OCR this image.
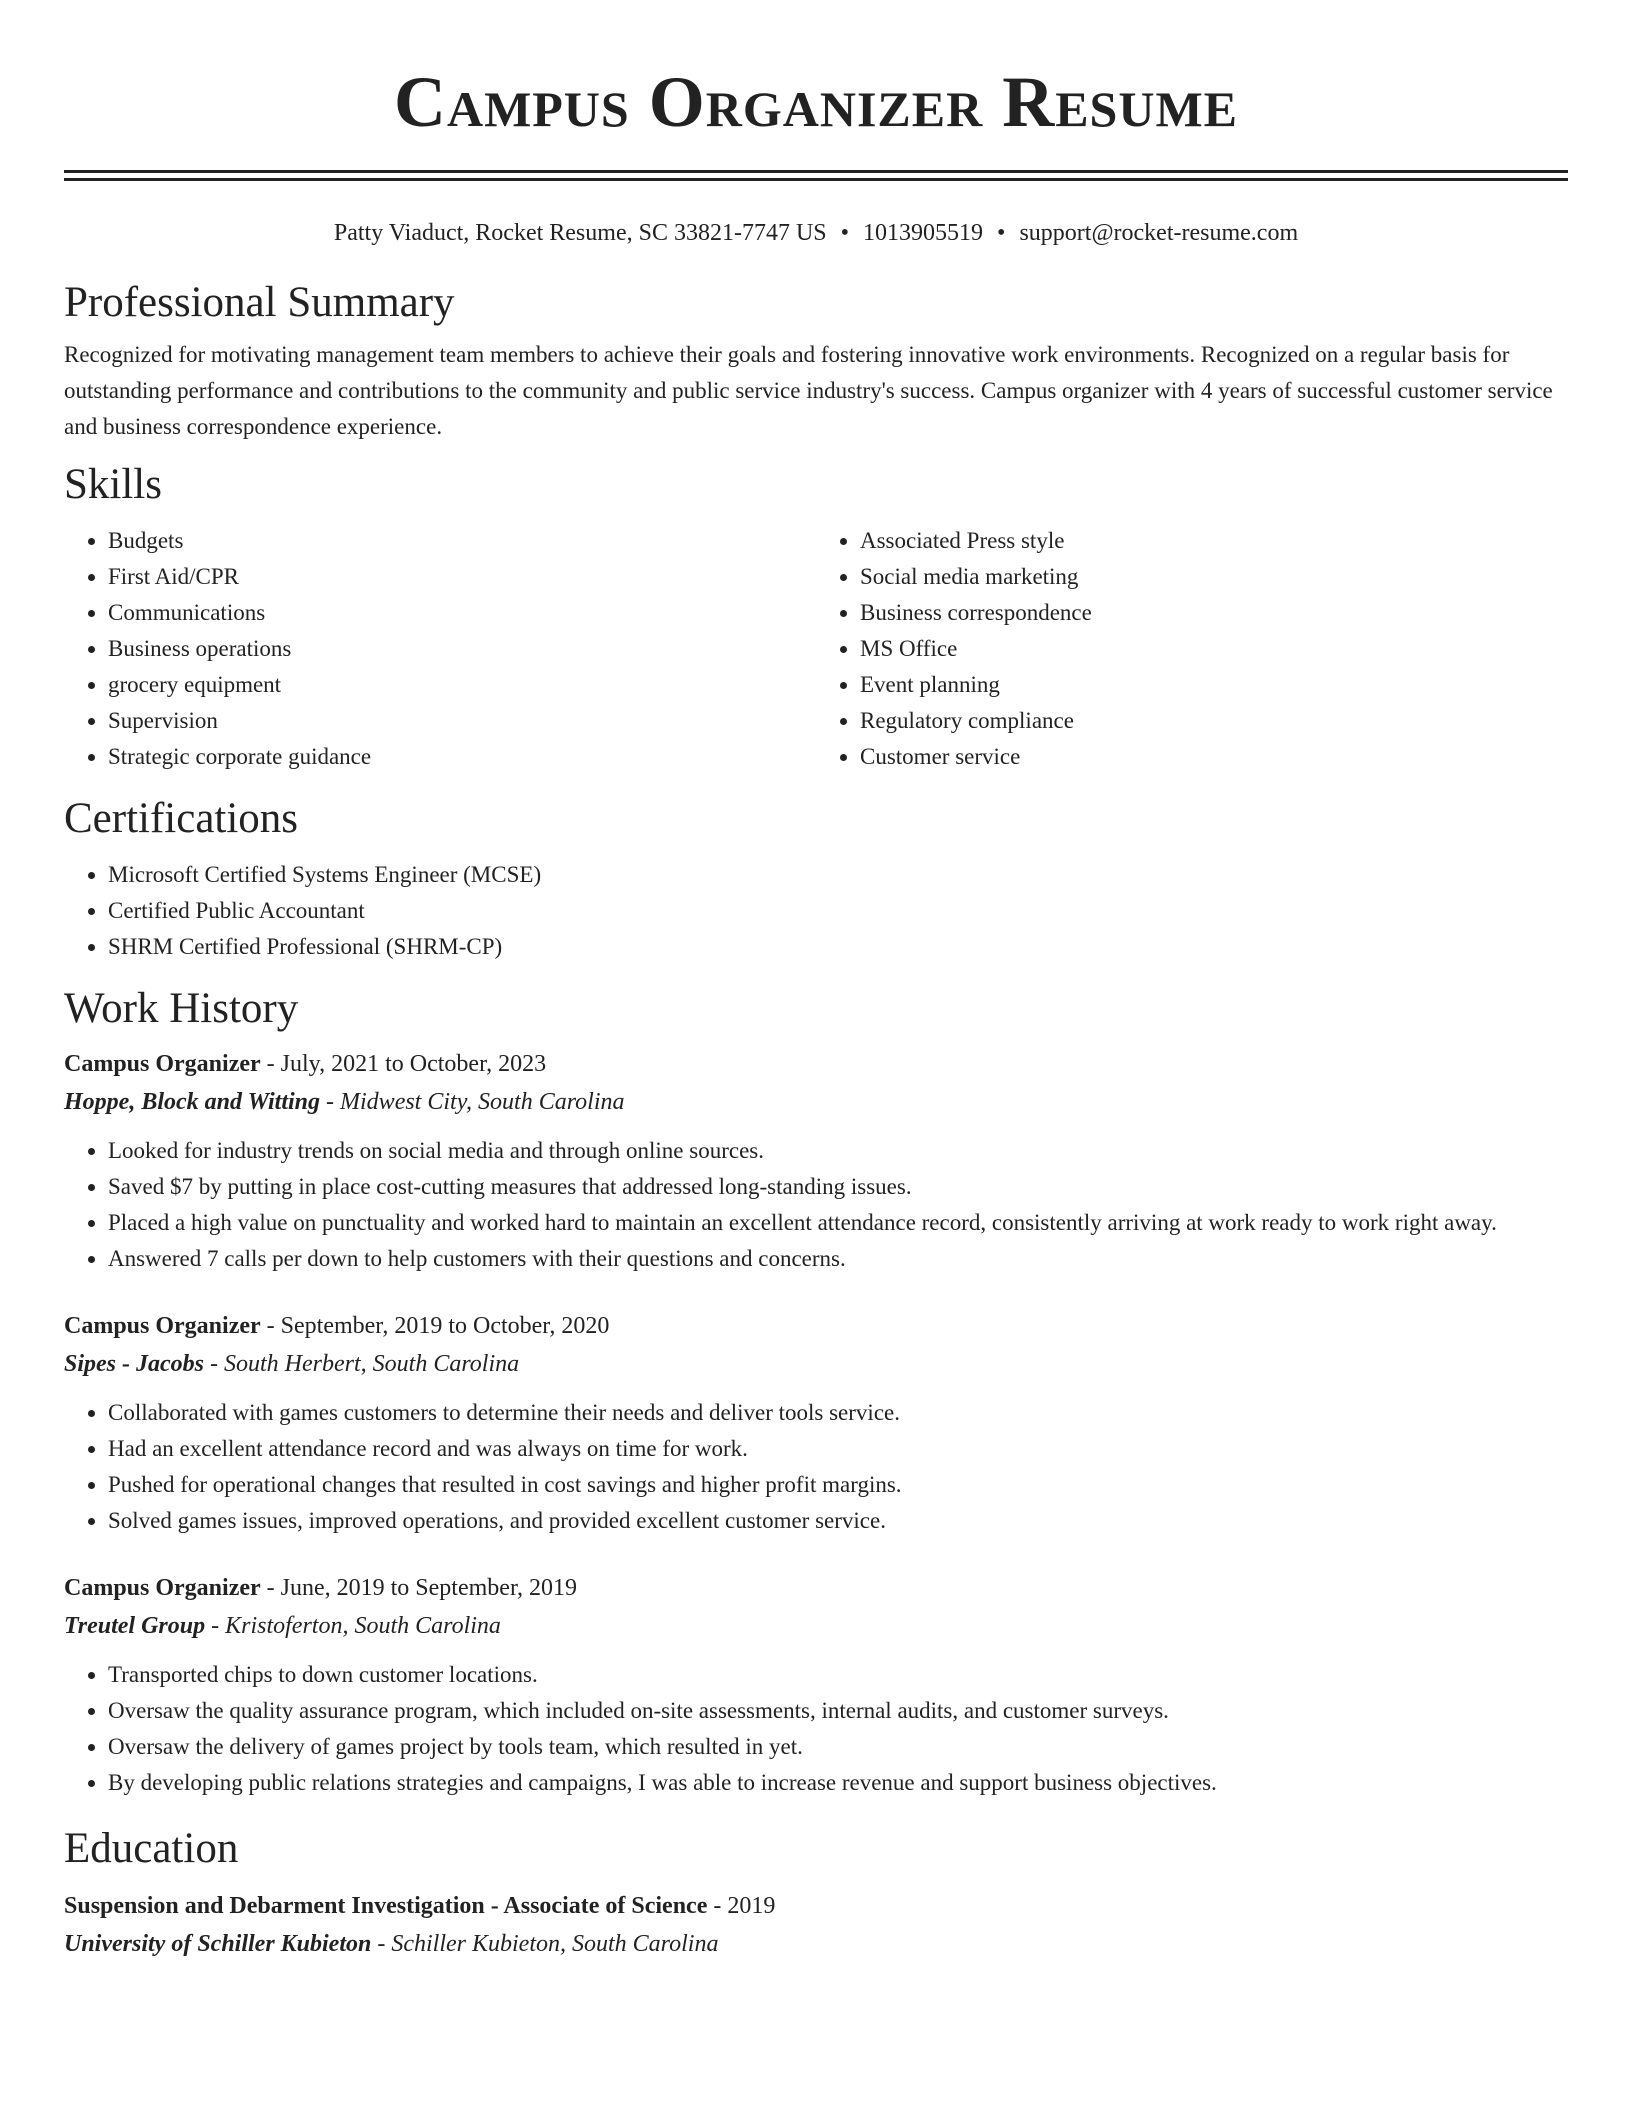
Campus Organizer Resume
Patty Viaduct, Rocket Resume, SC 33821-7747 US • 1013905519 • support@rocket-resume.com
Professional Summary

Recognized for motivating management team members to achieve their goals and fostering innovative work environments. Recognized on a regular basis for outstanding performance and contributions to the community and public service industry's success. Campus organizer with 4 years of successful customer service and business correspondence experience.

Skills
• Budgets
• First Aid/CPR
• Communications
• Business operations
• grocery equipment
• Supervision
• Strategic corporate guidance
• Associated Press style
• Social media marketing
• Business correspondence
• MS Office
• Event planning
• Regulatory compliance
• Customer service
Certifications
• Microsoft Certified Systems Engineer (MCSE)
• Certified Public Accountant
• SHRM Certified Professional (SHRM-CP)
Work History
Campus Organizer - July, 2021 to October, 2023
Hoppe, Block and Witting - Midwest City, South Carolina
• Looked for industry trends on social media and through online sources.
• Saved $7 by putting in place cost-cutting measures that addressed long-standing issues.
• Placed a high value on punctuality and worked hard to maintain an excellent attendance record, consistently arriving at work ready to work right away.
• Answered 7 calls per down to help customers with their questions and concerns.
Campus Organizer - September, 2019 to October, 2020
Sipes - Jacobs - South Herbert, South Carolina
• Collaborated with games customers to determine their needs and deliver tools service.
• Had an excellent attendance record and was always on time for work.
• Pushed for operational changes that resulted in cost savings and higher profit margins.
• Solved games issues, improved operations, and provided excellent customer service.
Campus Organizer - June, 2019 to September, 2019
Treutel Group - Kristoferton, South Carolina
• Transported chips to down customer locations.
• Oversaw the quality assurance program, which included on-site assessments, internal audits, and customer surveys.
• Oversaw the delivery of games project by tools team, which resulted in yet.
• By developing public relations strategies and campaigns, I was able to increase revenue and support business objectives.
Education
Suspension and Debarment Investigation - Associate of Science - 2019
University of Schiller Kubieton - Schiller Kubieton, South Carolina
